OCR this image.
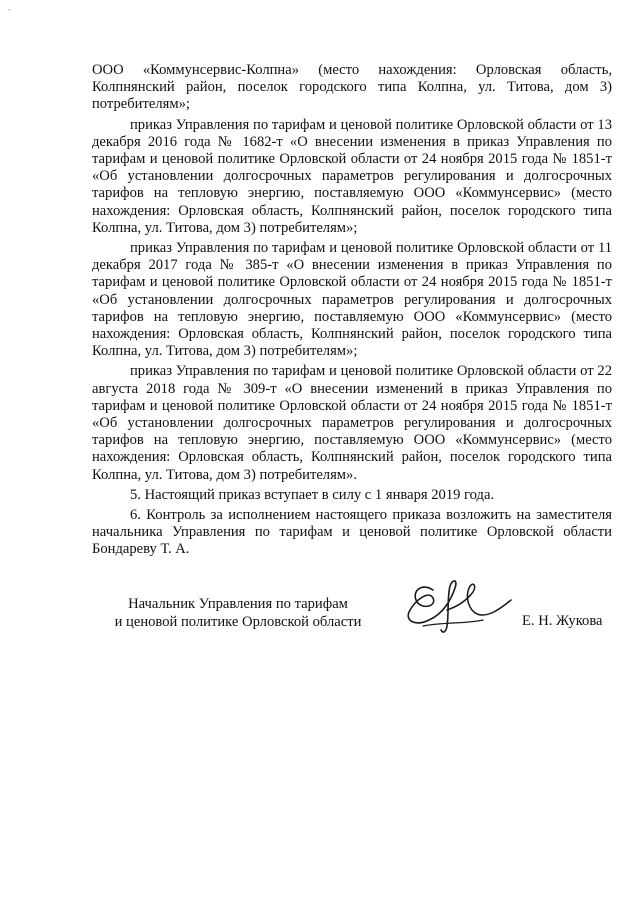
-

ООО «Коммунсервис-Колпна» (место нахождения: Орловская область, Колпнянский район, поселок городского типа Колпна, ул. Титова, дом 3) потребителям»;

приказ Управления по тарифам и ценовой политике Орловской области от 13 декабря 2016 года № 1682-т «О внесении изменения в приказ Управления по тарифам и ценовой политике Орловской области от 24 ноября 2015 года № 1851-т «Об установлении долгосрочных параметров регулирования и долгосрочных тарифов на тепловую энергию, поставляемую ООО «Коммунсервис» (место нахождения: Орловская область, Колпнянский район, поселок городского типа Колпна, ул. Титова, дом 3) потребителям»;

приказ Управления по тарифам и ценовой политике Орловской области от 11 декабря 2017 года № 385-т «О внесении изменения в приказ Управления по тарифам и ценовой политике Орловской области от 24 ноября 2015 года № 1851-т «Об установлении долгосрочных параметров регулирования и долгосрочных тарифов на тепловую энергию, поставляемую ООО «Коммунсервис» (место нахождения: Орловская область, Колпнянский район, поселок городского типа Колпна, ул. Титова, дом 3) потребителям»;

приказ Управления по тарифам и ценовой политике Орловской области от 22 августа 2018 года № 309-т «О внесении изменений в приказ Управления по тарифам и ценовой политике Орловской области от 24 ноября 2015 года № 1851-т «Об установлении долгосрочных параметров регулирования и долгосрочных тарифов на тепловую энергию, поставляемую ООО «Коммунсервис» (место нахождения: Орловская область, Колпнянский район, поселок городского типа Колпна, ул. Титова, дом 3) потребителям».

5. Настоящий приказ вступает в силу с 1 января 2019 года.

6. Контроль за исполнением настоящего приказа возложить на заместителя начальника Управления по тарифам и ценовой политике Орловской области Бондареву Т. А.

Начальник Управления по тарифам
и ценовой политике Орловской области	Е. Н. Жукова
